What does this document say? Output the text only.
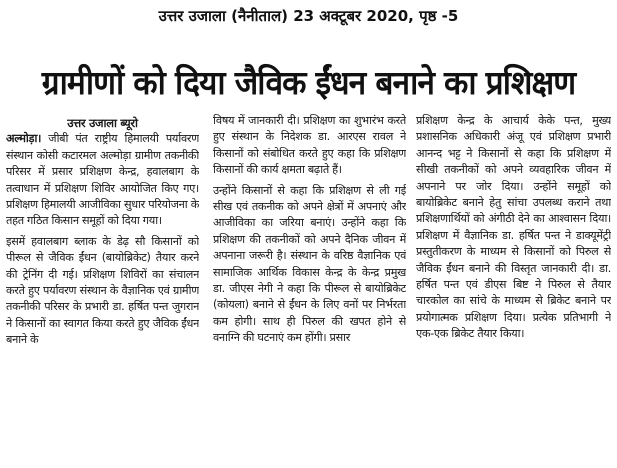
उत्तर उजाला (नैनीताल) 23 अक्टूबर 2020, पृष्ठ -5
ग्रामीणों को दिया जैविक ईंधन बनाने का प्रशिक्षण
उत्तर उजाला ब्यूरो

अल्मोड़ा। जीबी पंत राष्ट्रीय हिमालयी पर्यावरण संस्थान कोसी कटारमल अल्मोड़ा ग्रामीण तकनीकी परिसर में प्रसार प्रशिक्षण केन्द्र, हवालबाग के तत्वाधान में प्रशिक्षण शिविर आयोजित किए गए। प्रशिक्षण हिमालयी आजीविका सुधार परियोजना के तहत गठित किसान समूहों को दिया गया।

इसमें हवालबाग ब्लाक के डेढ़ सौ किसानों को पीरूल से जैविक ईंधन (बायोब्रिकेट) तैयार करने की ट्रेनिंग दी गई। प्रशिक्षण शिविरों का संचालन करते हुए पर्यावरण संस्थान के वैज्ञानिक एवं ग्रामीण तकनीकी परिसर के प्रभारी डा. हर्षित पन्त जुगरान ने किसानों का स्वागत किया करते हुए जैविक ईंधन बनाने के

विषय में जानकारी दी। प्रशिक्षण का शुभारंभ करते हुए संस्थान के निदेशक डा. आरएस रावल ने किसानों को संबोधित करते हुए कहा कि प्रशिक्षण किसानों की कार्य क्षमता बढ़ाते हैं।

उन्होंने किसानों से कहा कि प्रशिक्षण से ली गई सीख एवं तकनीक को अपने क्षेत्रों में अपनाएं और आजीविका का जरिया बनाएं। उन्होंने कहा कि प्रशिक्षण की तकनीकों को अपने दैनिक जीवन में अपनाना जरूरी है। संस्थान के वरिष्ठ वैज्ञानिक एवं सामाजिक आर्थिक विकास केन्द्र के केन्द्र प्रमुख डा. जीएस नेगी ने कहा कि पीरूल से बायोब्रिकेट (कोयला) बनाने से ईंधन के लिए वनों पर निर्भरता कम होगी। साथ ही पिरुल की खपत होने से वनाग्नि की घटनाएं कम होंगी। प्रसार

प्रशिक्षण केन्द्र के आचार्य केके पन्त, मुख्य प्रशासनिक अधिकारी अंजू एवं प्रशिक्षण प्रभारी आनन्द भट्ट ने किसानों से कहा कि प्रशिक्षण में सीखी तकनीकों को अपने व्यवहारिक जीवन में अपनाने पर जोर दिया। उन्होंने समूहों को बायोब्रिकेट बनाने हेतु सांचा उपलब्ध कराने तथा प्रशिक्षणार्थियों को अंगीठी देने का आश्वासन दिया। प्रशिक्षण में वैज्ञानिक डा. हर्षित पन्त ने डाक्यूमेंट्री प्रस्तुतीकरण के माध्यम से किसानों को पिरुल से जैविक ईंधन बनाने की विस्तृत जानकारी दी। डा. हर्षित पन्त एवं डीएस बिष्ट ने पिरुल से तैयार चारकोल का सांचे के माध्यम से ब्रिकेट बनाने पर प्रयोगात्मक प्रशिक्षण दिया। प्रत्येक प्रतिभागी ने एक-एक ब्रिकेट तैयार किया।
